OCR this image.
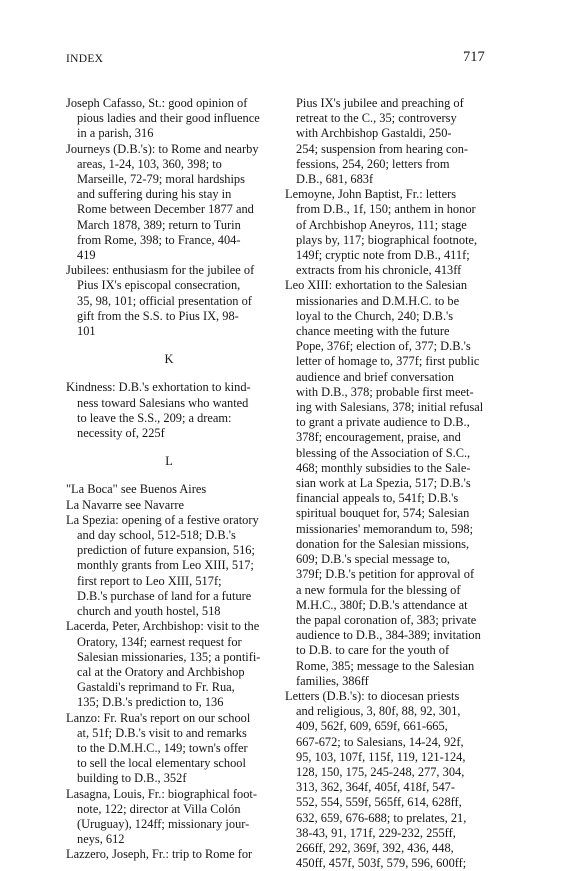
INDEX	717
Joseph Cafasso, St.: good opinion of
pious ladies and their good influence
in a parish, 316
Journeys (D.B.'s): to Rome and nearby
areas, 1-24, 103, 360, 398; to
Marseille, 72-79; moral hardships
and suffering during his stay in
Rome between December 1877 and
March 1878, 389; return to Turin
from Rome, 398; to France, 404-
419
Jubilees: enthusiasm for the jubilee of
Pius IX's episcopal consecration,
35, 98, 101; official presentation of
gift from the S.S. to Pius IX, 98-
101
K
Kindness: D.B.'s exhortation to kind-
ness toward Salesians who wanted
to leave the S.S., 209; a dream:
necessity of, 225f
L
"La Boca" see Buenos Aires
La Navarre see Navarre
La Spezia: opening of a festive oratory
and day school, 512-518; D.B.'s
prediction of future expansion, 516;
monthly grants from Leo XIII, 517;
first report to Leo XIII, 517f;
D.B.'s purchase of land for a future
church and youth hostel, 518
Lacerda, Peter, Archbishop: visit to the
Oratory, 134f; earnest request for
Salesian missionaries, 135; a pontifi-
cal at the Oratory and Archbishop
Gastaldi's reprimand to Fr. Rua,
135; D.B.'s prediction to, 136
Lanzo: Fr. Rua's report on our school
at, 51f; D.B.'s visit to and remarks
to the D.M.H.C., 149; town's offer
to sell the local elementary school
building to D.B., 352f
Lasagna, Louis, Fr.: biographical foot-
note, 122; director at Villa Colón
(Uruguay), 124ff; missionary jour-
neys, 612
Lazzero, Joseph, Fr.: trip to Rome for
Pius IX's jubilee and preaching of
retreat to the C., 35; controversy
with Archbishop Gastaldi, 250-
254; suspension from hearing con-
fessions, 254, 260; letters from
D.B., 681, 683f
Lemoyne, John Baptist, Fr.: letters
from D.B., 1f, 150; anthem in honor
of Archbishop Aneyros, 111; stage
plays by, 117; biographical footnote,
149f; cryptic note from D.B., 411f;
extracts from his chronicle, 413ff
Leo XIII: exhortation to the Salesian
missionaries and D.M.H.C. to be
loyal to the Church, 240; D.B.'s
chance meeting with the future
Pope, 376f; election of, 377; D.B.'s
letter of homage to, 377f; first public
audience and brief conversation
with D.B., 378; probable first meet-
ing with Salesians, 378; initial refusal
to grant a private audience to D.B.,
378f; encouragement, praise, and
blessing of the Association of S.C.,
468; monthly subsidies to the Sale-
sian work at La Spezia, 517; D.B.'s
financial appeals to, 541f; D.B.'s
spiritual bouquet for, 574; Salesian
missionaries' memorandum to, 598;
donation for the Salesian missions,
609; D.B.'s special message to,
379f; D.B.'s petition for approval of
a new formula for the blessing of
M.H.C., 380f; D.B.'s attendance at
the papal coronation of, 383; private
audience to D.B., 384-389; invitation
to D.B. to care for the youth of
Rome, 385; message to the Salesian
families, 386ff
Letters (D.B.'s): to diocesan priests
and religious, 3, 80f, 88, 92, 301,
409, 562f, 609, 659f, 661-665,
667-672; to Salesians, 14-24, 92f,
95, 103, 107f, 115f, 119, 121-124,
128, 150, 175, 245-248, 277, 304,
313, 362, 364f, 405f, 418f, 547-
552, 554, 559f, 565ff, 614, 628ff,
632, 659, 676-688; to prelates, 21,
38-43, 91, 171f, 229-232, 255ff,
266ff, 292, 369f, 392, 436, 448,
450ff, 457f, 503f, 579, 596, 600ff;
